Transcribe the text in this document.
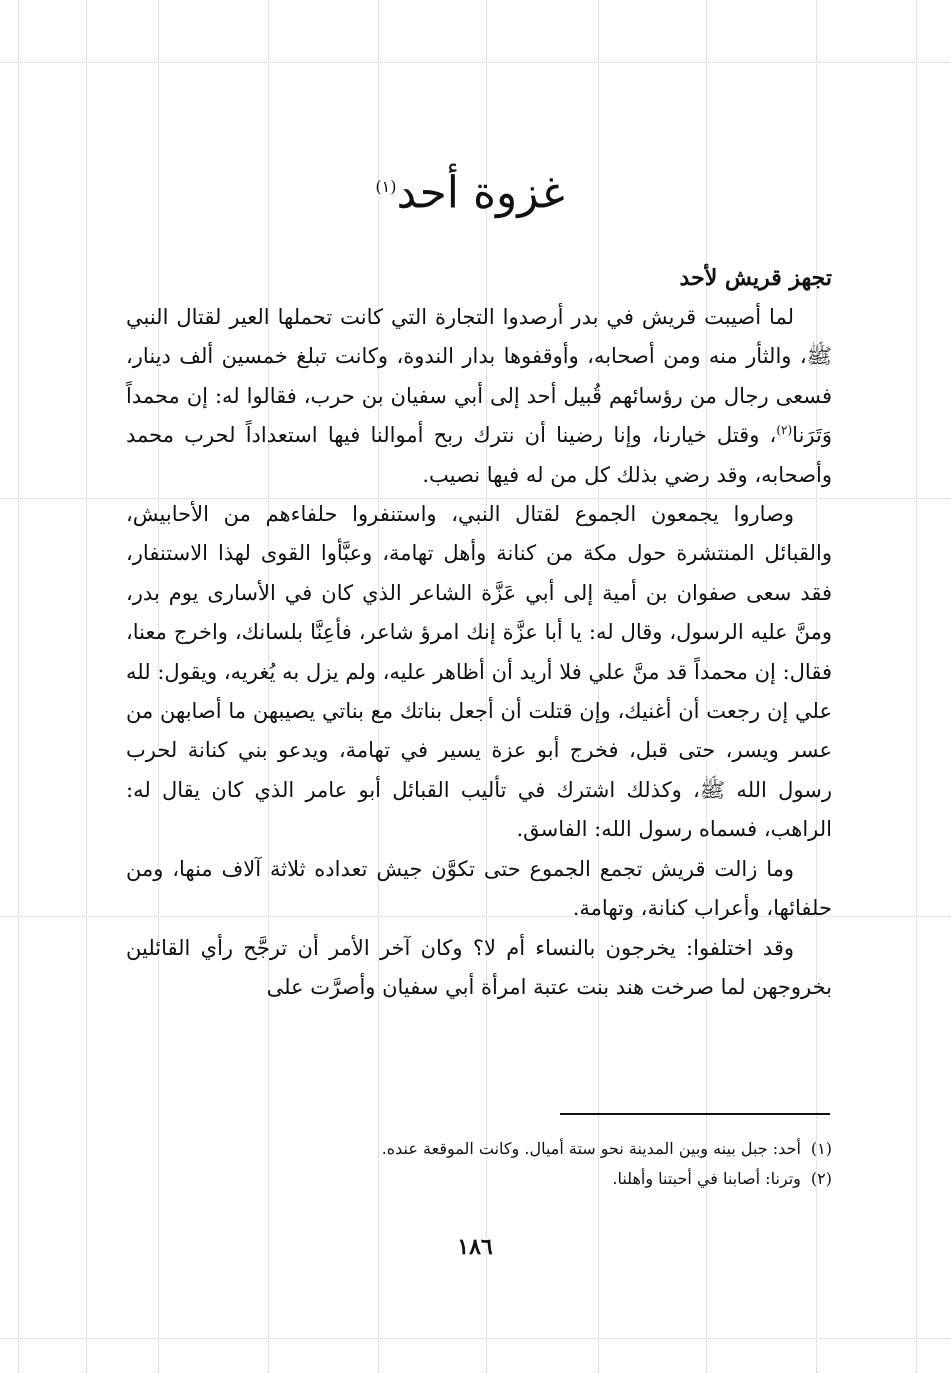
غزوة أحد$^{(١)}$

تجهز قريش لأحد

لما أصيبت قريش في بدر أرصدوا التجارة التي كانت تحملها العير لقتال النبي ﷺ، والثأر منه ومن أصحابه، وأوقفوها بدار الندوة، وكانت تبلغ خمسين ألف دينار، فسعى رجال من رؤسائهم قُبيل أحد إلى أبي سفيان بن حرب، فقالوا له: إن محمداً وَتَرَنا$^{(٢)}$، وقتل خيارنا، وإنا رضينا أن نترك ربح أموالنا فيها استعداداً لحرب محمد وأصحابه، وقد رضي بذلك كل من له فيها نصيب.

وصاروا يجمعون الجموع لقتال النبي، واستنفروا حلفاءهم من الأحابيش، والقبائل المنتشرة حول مكة من كنانة وأهل تهامة، وعبَّأوا القوى لهذا الاستنفار، فقد سعى صفوان بن أمية إلى أبي عَزَّة الشاعر الذي كان في الأسارى يوم بدر، ومنَّ عليه الرسول، وقال له: يا أبا عزَّة إنك امرؤ شاعر، فأعِنَّا بلسانك، واخرج معنا، فقال: إن محمداً قد منَّ علي فلا أريد أن أظاهر عليه، ولم يزل به يُغريه، ويقول: لله علي إن رجعت أن أغنيك، وإن قتلت أن أجعل بناتك مع بناتي يصيبهن ما أصابهن من عسر ويسر، حتى قبل، فخرج أبو عزة يسير في تهامة، ويدعو بني كنانة لحرب رسول الله ﷺ، وكذلك اشترك في تأليب القبائل أبو عامر الذي كان يقال له: الراهب، فسماه رسول الله: الفاسق.

وما زالت قريش تجمع الجموع حتى تكوَّن جيش تعداده ثلاثة آلاف منها، ومن حلفائها، وأعراب كنانة، وتهامة.

وقد اختلفوا: يخرجون بالنساء أم لا؟ وكان آخر الأمر أن ترجَّح رأي القائلين بخروجهن لما صرخت هند بنت عتبة امرأة أبي سفيان وأصرَّت على

(١)أحد: جبل بينه وبين المدينة نحو ستة أميال. وكانت الموقعة عنده.

(٢)وترنا: أصابنا في أحبتنا وأهلنا.

١٨٦
